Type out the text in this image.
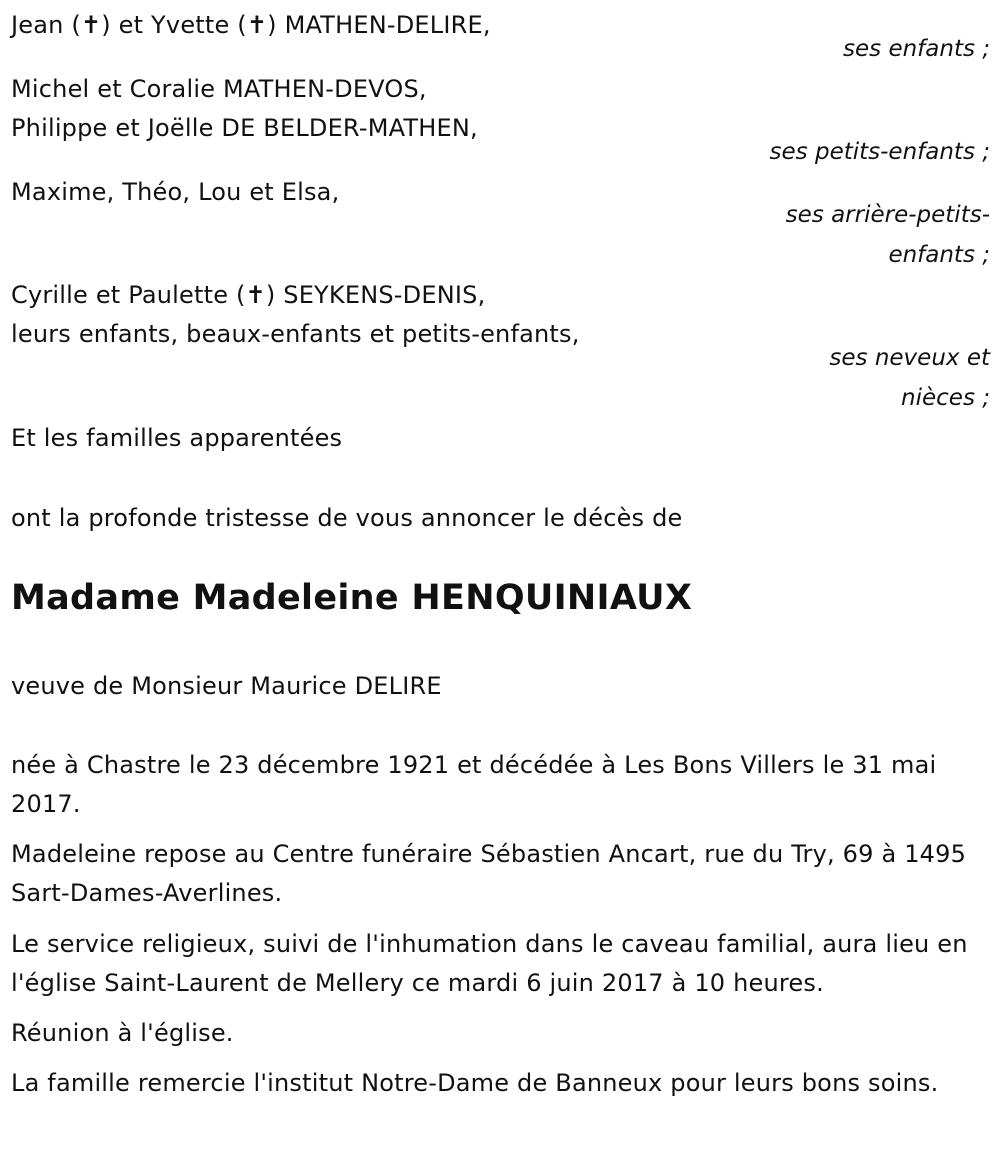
Jean (✝) et Yvette (✝) MATHEN-DELIRE,
ses enfants ;
Michel et Coralie MATHEN-DEVOS,
Philippe et Joëlle DE BELDER-MATHEN,
ses petits-enfants ;
Maxime, Théo, Lou et Elsa,
ses arrière-petits-
enfants ;
Cyrille et Paulette (✝) SEYKENS-DENIS,
leurs enfants, beaux-enfants et petits-enfants,
ses neveux et
nièces ;
Et les familles apparentées
ont la profonde tristesse de vous annoncer le décès de
Madame Madeleine HENQUINIAUX
veuve de Monsieur Maurice DELIRE
née à Chastre le 23 décembre 1921 et décédée à Les Bons Villers le 31 mai 2017.
Madeleine repose au Centre funéraire Sébastien Ancart, rue du Try, 69 à 1495 Sart-Dames-Averlines.
Le service religieux, suivi de l'inhumation dans le caveau familial, aura lieu en l'église Saint-Laurent de Mellery ce mardi 6 juin 2017 à 10 heures.
Réunion à l'église.
La famille remercie l'institut Notre-Dame de Banneux pour leurs bons soins.
